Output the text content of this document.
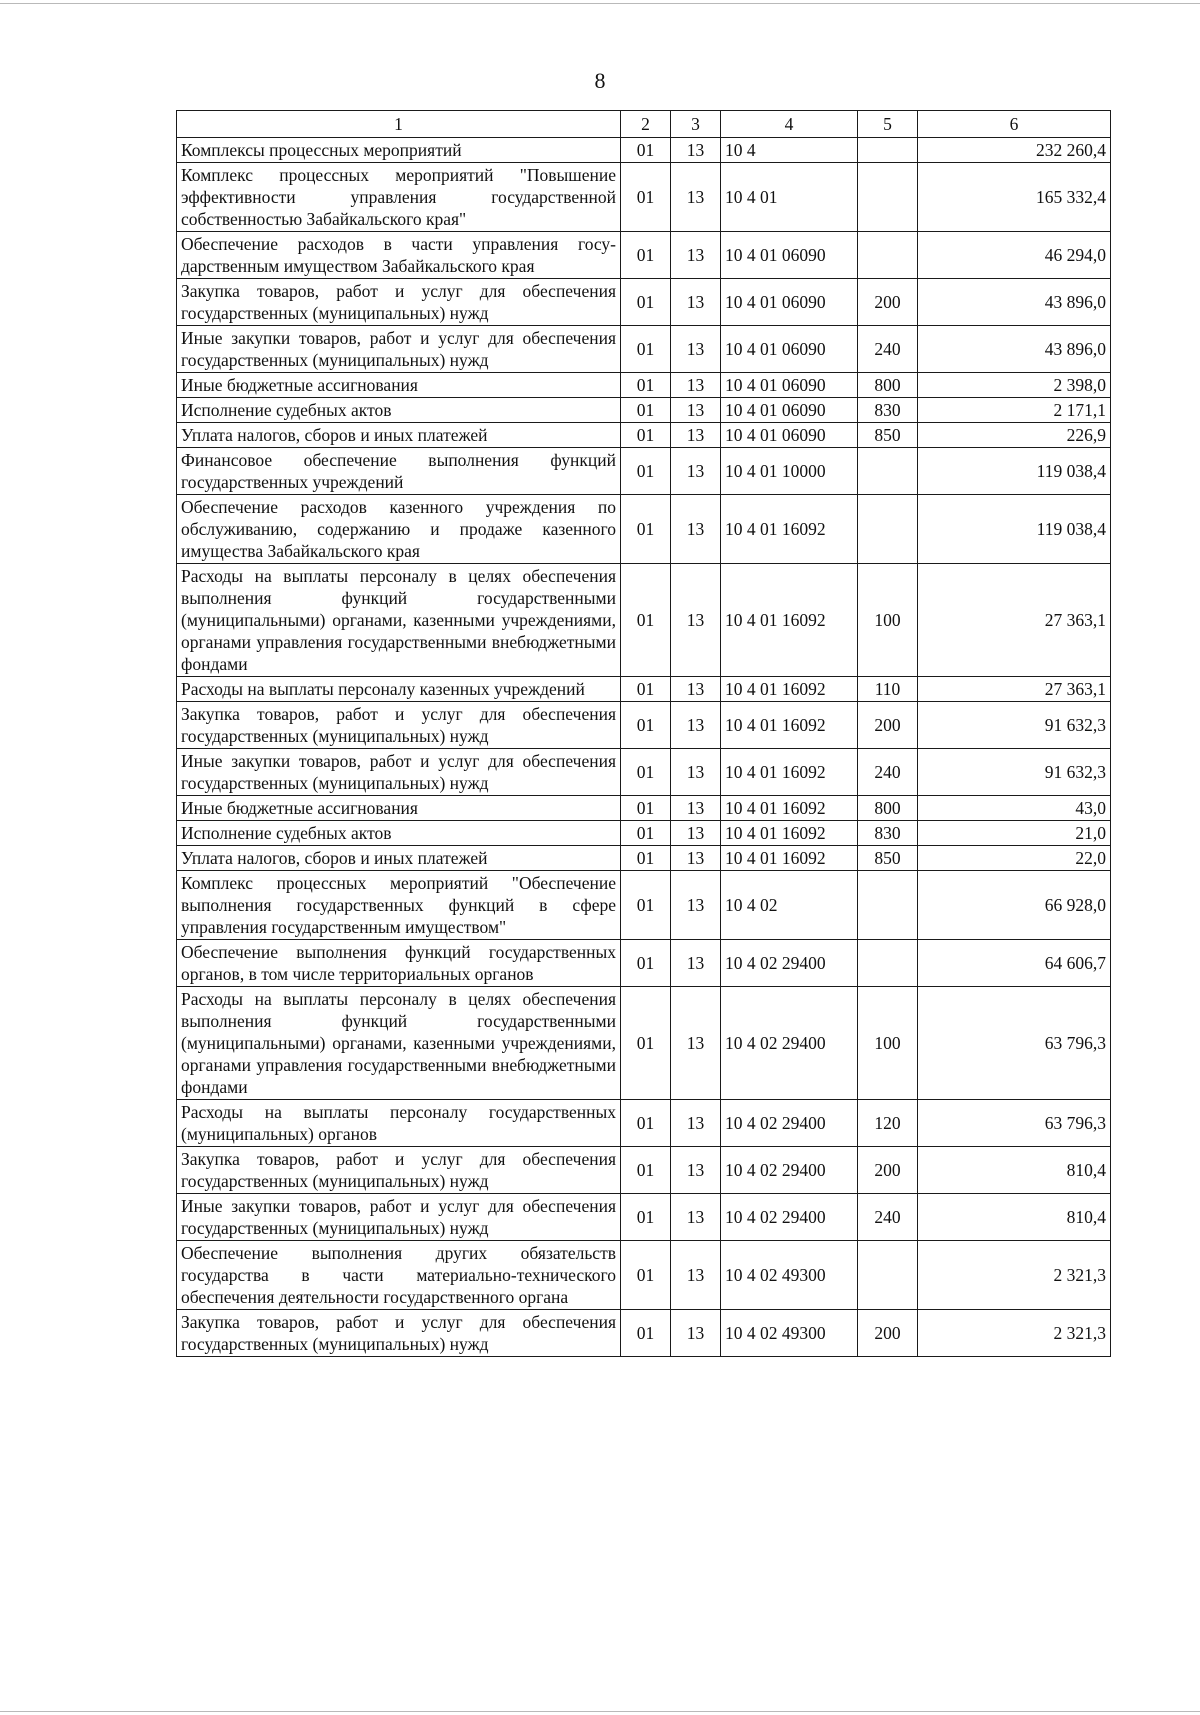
8
1	2	3	4	5	6
Комплексы процессных мероприятий	01	13	10 4		232 260,4
Комплекс процессных мероприятий "Повышение эффективности управления государственной собственностью Забайкальского края"	01	13	10 4 01		165 332,4
Обеспечение расходов в части управления государственным имуществом Забайкальского края	01	13	10 4 01 06090		46 294,0
Закупка товаров, работ и услуг для обеспечения государственных (муниципальных) нужд	01	13	10 4 01 06090	200	43 896,0
Иные закупки товаров, работ и услуг для обеспечения государственных (муниципальных) нужд	01	13	10 4 01 06090	240	43 896,0
Иные бюджетные ассигнования	01	13	10 4 01 06090	800	2 398,0
Исполнение судебных актов	01	13	10 4 01 06090	830	2 171,1
Уплата налогов, сборов и иных платежей	01	13	10 4 01 06090	850	226,9
Финансовое обеспечение выполнения функций государственных учреждений	01	13	10 4 01 10000		119 038,4
Обеспечение расходов казенного учреждения по обслуживанию, содержанию и продаже казенного имущества Забайкальского края	01	13	10 4 01 16092		119 038,4
Расходы на выплаты персоналу в целях обеспечения выполнения функций государственными (муниципальными) органами, казенными учреждениями, органами управления государственными внебюджетными фондами	01	13	10 4 01 16092	100	27 363,1
Расходы на выплаты персоналу казенных учреждений	01	13	10 4 01 16092	110	27 363,1
Закупка товаров, работ и услуг для обеспечения государственных (муниципальных) нужд	01	13	10 4 01 16092	200	91 632,3
Иные закупки товаров, работ и услуг для обеспечения государственных (муниципальных) нужд	01	13	10 4 01 16092	240	91 632,3
Иные бюджетные ассигнования	01	13	10 4 01 16092	800	43,0
Исполнение судебных актов	01	13	10 4 01 16092	830	21,0
Уплата налогов, сборов и иных платежей	01	13	10 4 01 16092	850	22,0
Комплекс процессных мероприятий "Обеспечение выполнения государственных функций в сфере управления государственным имуществом"	01	13	10 4 02		66 928,0
Обеспечение выполнения функций государственных органов, в том числе территориальных органов	01	13	10 4 02 29400		64 606,7
Расходы на выплаты персоналу в целях обеспечения выполнения функций государственными (муниципальными) органами, казенными учреждениями, органами управления государственными внебюджетными фондами	01	13	10 4 02 29400	100	63 796,3
Расходы на выплаты персоналу государственных (муниципальных) органов	01	13	10 4 02 29400	120	63 796,3
Закупка товаров, работ и услуг для обеспечения государственных (муниципальных) нужд	01	13	10 4 02 29400	200	810,4
Иные закупки товаров, работ и услуг для обеспечения государственных (муниципальных) нужд	01	13	10 4 02 29400	240	810,4
Обеспечение выполнения других обязательств государства в части материально-технического обеспечения деятельности государственного органа	01	13	10 4 02 49300		2 321,3
Закупка товаров, работ и услуг для обеспечения государственных (муниципальных) нужд	01	13	10 4 02 49300	200	2 321,3
